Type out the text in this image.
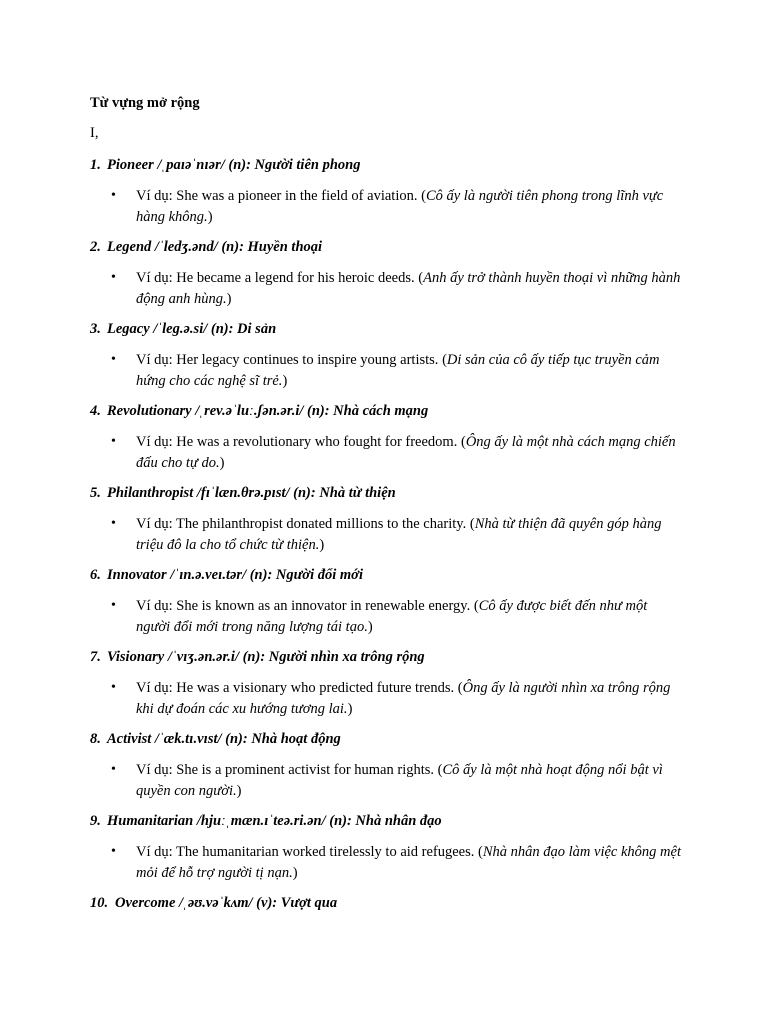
Từ vựng mở rộng
I,
1. Pioneer /ˌpaɪəˈnɪər/ (n): Người tiên phong
• Ví dụ: She was a pioneer in the field of aviation. (Cô ấy là người tiên phong trong lĩnh vực hàng không.)
2. Legend /ˈledʒ.ənd/ (n): Huyền thoại
• Ví dụ: He became a legend for his heroic deeds. (Anh ấy trở thành huyền thoại vì những hành động anh hùng.)
3. Legacy /ˈleg.ə.si/ (n): Di sản
• Ví dụ: Her legacy continues to inspire young artists. (Di sản của cô ấy tiếp tục truyền cảm hứng cho các nghệ sĩ trẻ.)
4. Revolutionary /ˌrev.əˈluː.ʃən.ər.i/ (n): Nhà cách mạng
• Ví dụ: He was a revolutionary who fought for freedom. (Ông ấy là một nhà cách mạng chiến đấu cho tự do.)
5. Philanthropist /fɪˈlæn.θrə.pɪst/ (n): Nhà từ thiện
• Ví dụ: The philanthropist donated millions to the charity. (Nhà từ thiện đã quyên góp hàng triệu đô la cho tổ chức từ thiện.)
6. Innovator /ˈɪn.ə.veɪ.tər/ (n): Người đổi mới
• Ví dụ: She is known as an innovator in renewable energy. (Cô ấy được biết đến như một người đổi mới trong năng lượng tái tạo.)
7. Visionary /ˈvɪʒ.ən.ər.i/ (n): Người nhìn xa trông rộng
• Ví dụ: He was a visionary who predicted future trends. (Ông ấy là người nhìn xa trông rộng khi dự đoán các xu hướng tương lai.)
8. Activist /ˈæk.tɪ.vɪst/ (n): Nhà hoạt động
• Ví dụ: She is a prominent activist for human rights. (Cô ấy là một nhà hoạt động nổi bật vì quyền con người.)
9. Humanitarian /hjuːˌmæn.ɪˈteə.ri.ən/ (n): Nhà nhân đạo
• Ví dụ: The humanitarian worked tirelessly to aid refugees. (Nhà nhân đạo làm việc không mệt mỏi để hỗ trợ người tị nạn.)
10. Overcome /ˌəʊ.vəˈkʌm/ (v): Vượt qua
